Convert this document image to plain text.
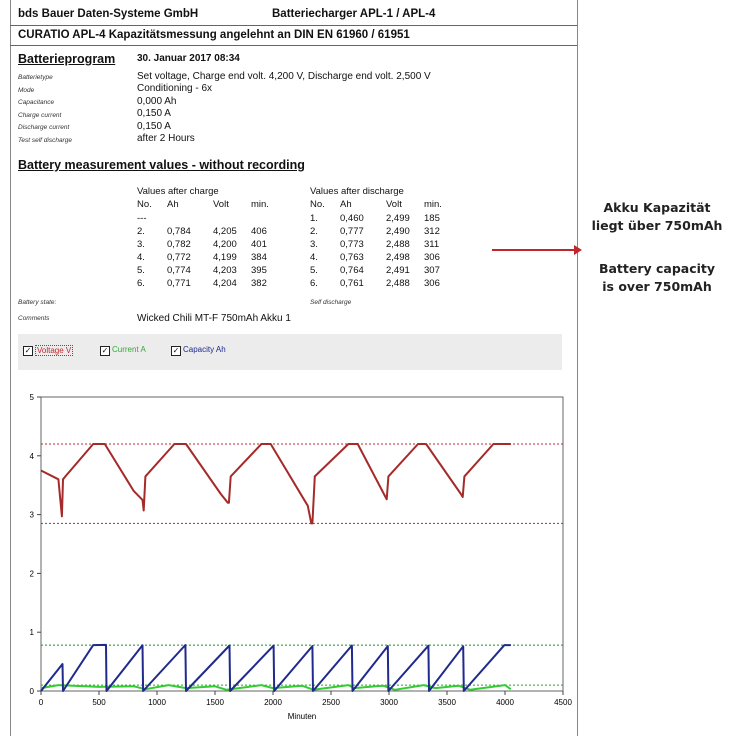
bds Bauer Daten-Systeme GmbH	Batteriecharger APL-1 / APL-4
CURATIO APL-4 Kapazitätsmessung angelehnt an DIN EN 61960 / 61951
Batterieprogram 30. Januar 2017 08:34
Batterietype	Set voltage, Charge end volt. 4,200 V, Discharge end volt. 2,500 V
Mode	Conditioning - 6x
Capacitance	0,000 Ah
Charge current	0,150 A
Discharge current	0,150 A
Test self discharge	after 2 Hours
Battery measurement values - without recording
Values after charge	Values after discharge
No. Ah	Volt min.
---
2. 0,784 4,205 406
3. 0,782 4,200 401
4. 0,772 4,199 384
5. 0,774 4,203 395
6. 0,771 4,204 382
No. Ah	Volt min.
1. 0,460 2,499 185
2. 0,777 2,490 312
3. 0,773 2,488 311
4. 0,763 2,498 306
5. 0,764 2,491 307
6. 0,761 2,488 306
Battery state:	Self discharge
Comments	Wicked Chili MT-F 750mAh Akku 1
✓ Voltage V	✓ Current A	✓ Capacity Ah
0	500	1000	1500	2000	2500	3000	3500	4000	4500
0
1
2
3
4
5
Minuten
Akku Kapazität
liegt über 750mAh
Battery capacity
is over 750mAh
